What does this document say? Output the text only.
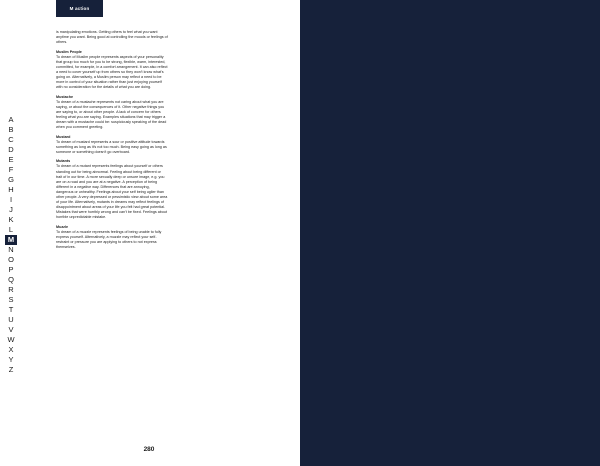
M action
A
B
C
D
E
F
G
H
I
J
K
L
M
N
O
P
Q
R
S
T
U
V
W
X
Y
Z

is manipulating emotions. Getting others to feel what you want anytime you want. Being good at controlling the moods or feelings of others.

Muslim People

To dream of Muslim people represents aspects of your personality that group too much for you to be strong, flexible, warm, interested, committed, for example, in a comfort arrangement. It can also reflect a need to cover yourself up from others so they won't know what's going on. Alternatively, a Muslim person may reflect a need to be more in control of your situation rather than just enjoying yourself with no consideration for the details of what you are doing.

Mustache

To dream of a mustache represents not caring about what you are saying, or about the consequences of it. Other negative things you are saying to, or about other people. A lack of concern for others feeling what you are saying. Examples situations that may trigger a dream with a mustache could be: suspiciously speaking of the dead when you comment greeting.

Mustard

To dream of mustard represents a sour or positive attitude towards something as long as it's not too much. Being easy going as long as someone or something doesn't go overboard.

Mutants

To dream of a mutant represents feelings about yourself or others standing out for being abnormal. Feeling about being different or trait of in our time. A more sexually deep or unsure image, e.g. you are on a road and you are at a negative. A perception of being different in a negative way. Differences that are annoying, dangerous or unhealthy. Feelings about your self being uglier than other people. A very depressed or pessimistic view about some area of your life. Alternatively, mutants in dreams may reflect feelings of disappointment about areas of your life you felt had great potential. Mistakes that were horribly wrong and can't be fixed. Feelings about horrible unpredictable mistake.

Muzzle

To dream of a muzzle represents feelings of being unable to fully express yourself. Alternatively, a muzzle may reflect your self-restraint or pressure you are applying to others to not express themselves.

280
